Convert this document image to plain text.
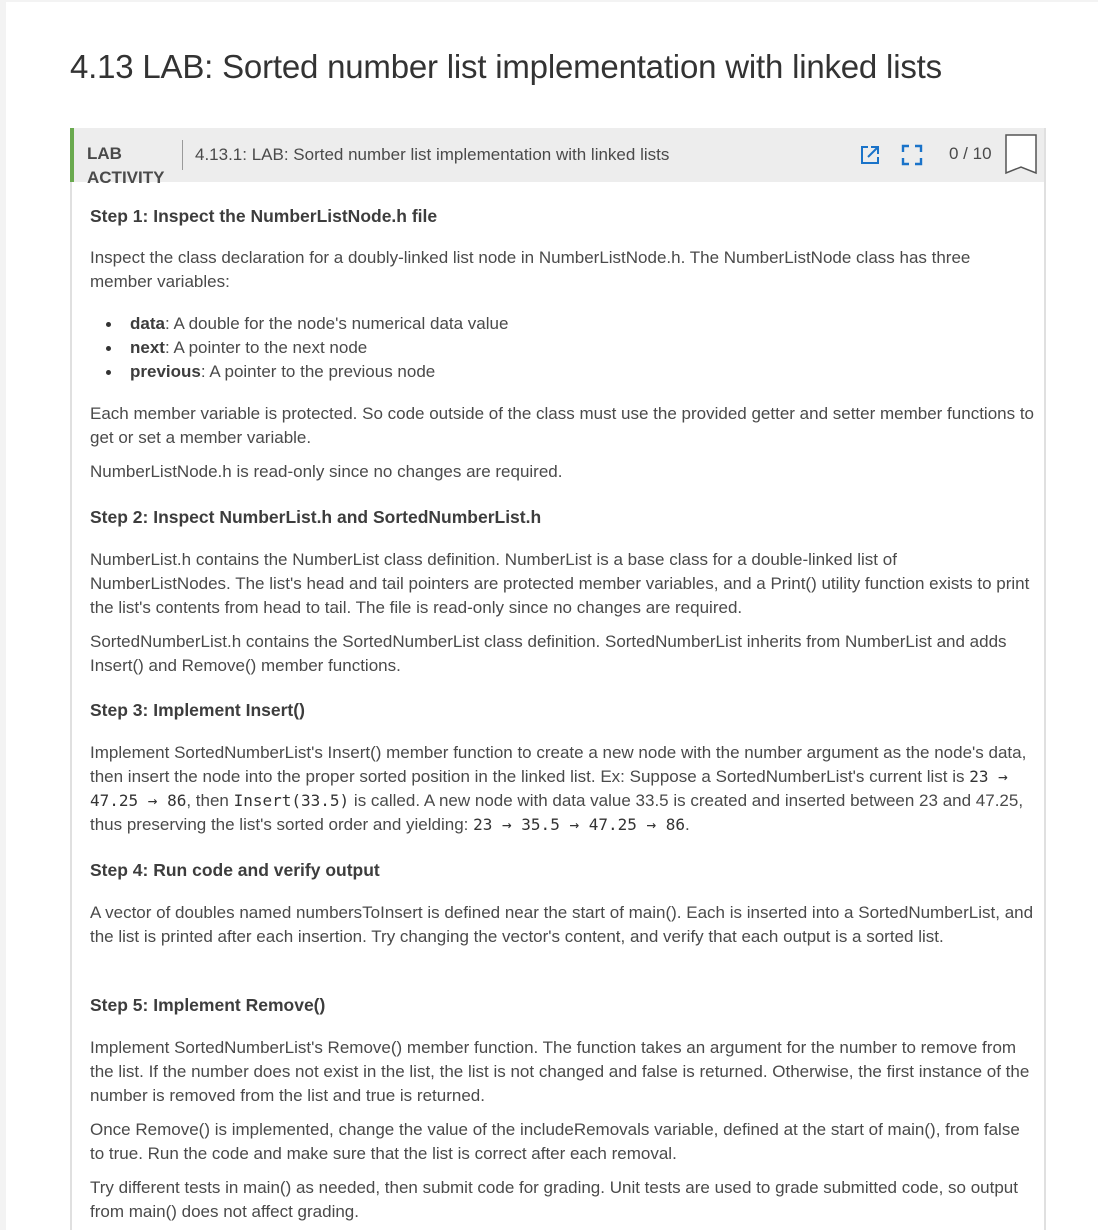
4.13 LAB: Sorted number list implementation with linked lists
LAB ACTIVITY
4.13.1: LAB: Sorted number list implementation with linked lists	0 / 10

Step 1: Inspect the NumberListNode.h file

Inspect the class declaration for a doubly-linked list node in NumberListNode.h. The NumberListNode class has three member variables:

data: A double for the node's numerical data value
next: A pointer to the next node
previous: A pointer to the previous node

Each member variable is protected. So code outside of the class must use the provided getter and setter member functions to get or set a member variable.

NumberListNode.h is read-only since no changes are required.

Step 2: Inspect NumberList.h and SortedNumberList.h

NumberList.h contains the NumberList class definition. NumberList is a base class for a double-linked list of NumberListNodes. The list's head and tail pointers are protected member variables, and a Print() utility function exists to print the list's contents from head to tail. The file is read-only since no changes are required.

SortedNumberList.h contains the SortedNumberList class definition. SortedNumberList inherits from NumberList and adds Insert() and Remove() member functions.

Step 3: Implement Insert()

Implement SortedNumberList's Insert() member function to create a new node with the number argument as the node's data, then insert the node into the proper sorted position in the linked list. Ex: Suppose a SortedNumberList's current list is 23 → 47.25 → 86, then Insert(33.5) is called. A new node with data value 33.5 is created and inserted between 23 and 47.25, thus preserving the list's sorted order and yielding: 23 → 35.5 → 47.25 → 86.

Step 4: Run code and verify output

A vector of doubles named numbersToInsert is defined near the start of main(). Each is inserted into a SortedNumberList, and the list is printed after each insertion. Try changing the vector's content, and verify that each output is a sorted list.

Step 5: Implement Remove()

Implement SortedNumberList's Remove() member function. The function takes an argument for the number to remove from the list. If the number does not exist in the list, the list is not changed and false is returned. Otherwise, the first instance of the number is removed from the list and true is returned.

Once Remove() is implemented, change the value of the includeRemovals variable, defined at the start of main(), from false to true. Run the code and make sure that the list is correct after each removal.

Try different tests in main() as needed, then submit code for grading. Unit tests are used to grade submitted code, so output from main() does not affect grading.
